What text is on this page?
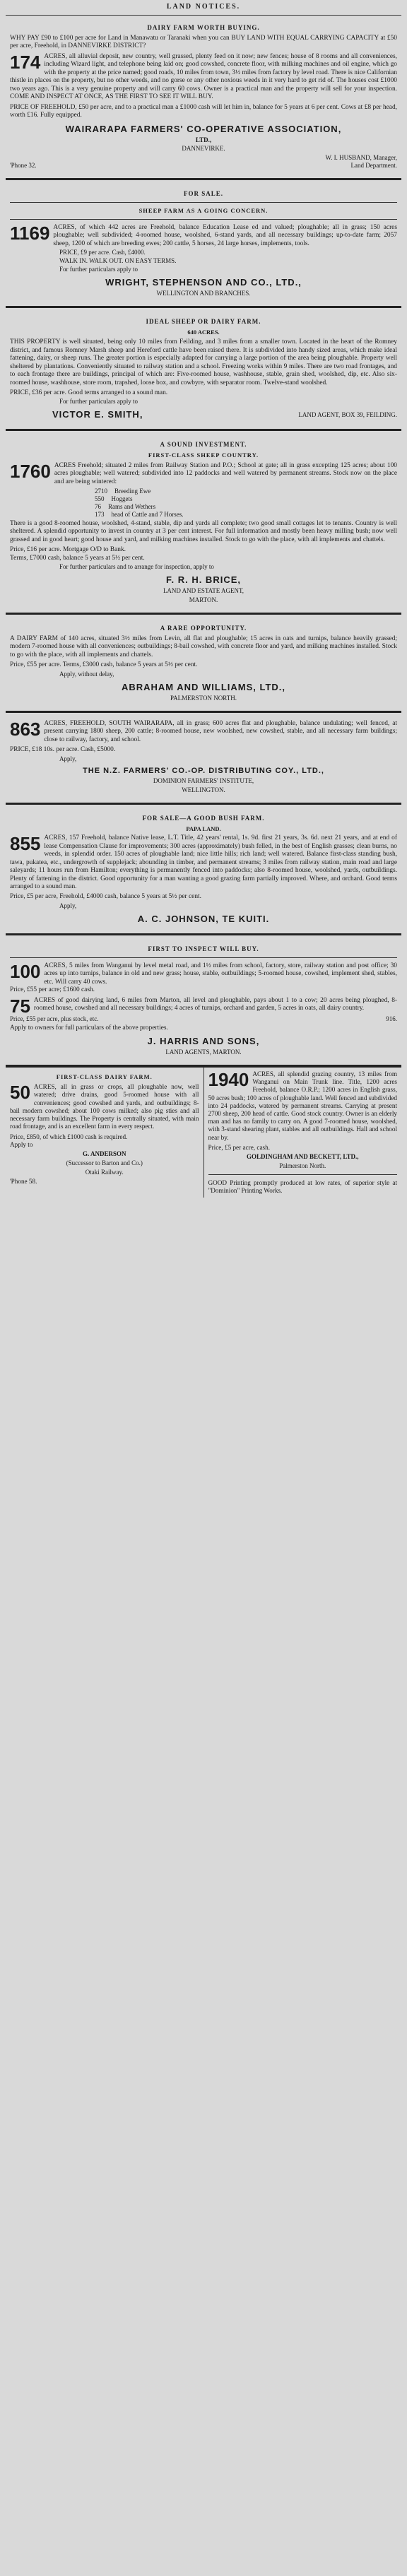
LAND NOTICES.
DAIRY FARM WORTH BUYING.
WHY PAY £90 to £100 per acre for Land in Manawatu or Taranaki when you can BUY LAND WITH EQUAL CARRYING CAPACITY at £50 per acre, Freehold, in DANNEVIRKE DISTRICT?
174 ACRES, all alluvial deposit, new country, well grassed, plenty feed on it now; new fences; house of 8 rooms and all conveniences, including Wizard light, and telephone being laid on; good cowshed, concrete floor, with milking machines and oil engine, which go with the property at the price named; good roads, 10 miles from town, 3½ miles from factory by level road. There is nice Californian thistle in places on the property, but no other weeds, and no gorse or any other noxious weeds in it very hard to get rid of. The houses cost £1000 two years ago. This is a very genuine property and will carry 60 cows. Owner is a practical man and the property will sell for your inspection. COME AND INSPECT AT ONCE, AS THE FIRST TO SEE IT WILL BUY.
PRICE OF FREEHOLD, £50 per acre, and to a practical man a £1000 cash will let him in, balance for 5 years at 6 per cent. Cows at £8 per head, worth £16. Fully equipped.
WAIRARAPA FARMERS' CO-OPERATIVE ASSOCIATION,
LTD.,
DANNEVIRKE.
'Phone 32.
W. I. HUSBAND, Manager,
Land Department.
FOR SALE.
SHEEP FARM AS A GOING CONCERN.
1169 ACRES, of which 442 acres are Freehold, balance Education Lease ed and valued; ploughable; all in grass; 150 acres ploughable; well subdivided; 4-roomed house, woolshed, 6-stand yards, and all necessary buildings; up-to-date farm; 2057 sheep, 1200 of which are breeding ewes; 200 cattle, 5 horses, 24 large horses, implements, tools.
PRICE, £9 per acre. Cash, £4000.
WALK IN. WALK OUT. ON EASY TERMS.
For further particulars apply to
WRIGHT, STEPHENSON AND CO., LTD.,
WELLINGTON AND BRANCHES.
IDEAL SHEEP OR DAIRY FARM.
640 ACRES.
THIS PROPERTY is well situated, being only 10 miles from Feilding, and 3 miles from a smaller town. Located in the heart of the Romney district, and famous Romney Marsh sheep and Hereford cattle have been raised there. It is subdivided into handy sized areas, which make ideal fattening, dairy, or sheep runs. The greater portion is especially adapted for carrying a large portion of the area being ploughable. Property well sheltered by plantations. Conveniently situated to railway station and a school. Freezing works within 9 miles. There are two road frontages, and to each frontage there are buildings, principal of which are: Five-roomed house, washhouse, stable, grain shed, woolshed, dip, etc. Also six-roomed house, washhouse, store room, trapshed, loose box, and cowbyre, with separator room. Twelve-stand woolshed.
PRICE, £36 per acre. Good terms arranged to a sound man.
For further particulars apply to
VICTOR E. SMITH,	LAND AGENT, BOX 39, FEILDING.
A SOUND INVESTMENT.
FIRST-CLASS SHEEP COUNTRY.
1760 ACRES Freehold; situated 2 miles from Railway Station and P.O.; School at gate; all in grass excepting 125 acres; about 100 acres ploughable; well watered; subdivided into 12 paddocks and well watered by permanent streams. Stock now on the place and are being wintered:
2710 Breeding Ewe
550 Hoggets
76 Rams and Wethers
173 head of Cattle and 7 Horses.
There is a good 8-roomed house, woolshed, 4-stand, stable, dip and yards all complete; two good small cottages let to tenants. Country is well sheltered. A splendid opportunity to invest in country at 3 per cent interest. For full information and mostly been heavy milling bush; now well grassed and in good heart; good house and yard, and milking machines installed. Stock to go with the place, with all implements and chattels.
Price, £16 per acre. Mortgage O/D to Bank.
Terms, £7000 cash, balance 5 years at 5½ per cent.
For further particulars and to arrange for inspection, apply to
F. R. H. BRICE,
LAND AND ESTATE AGENT,
MARTON.
A RARE OPPORTUNITY.
A DAIRY FARM of 140 acres, situated 3½ miles from Levin, all flat and ploughable; 15 acres in oats and turnips, balance heavily grassed; modern 7-roomed house with all conveniences; outbuildings; 8-bail cowshed, with concrete floor and yard, and milking machines installed. Stock to go with the place, with all implements and chattels.
Price, £55 per acre. Terms, £3000 cash, balance 5 years at 5½ per cent.
Apply, without delay,
ABRAHAM AND WILLIAMS, LTD.,
PALMERSTON NORTH.
863 ACRES, FREEHOLD, SOUTH WAIRARAPA, all in grass; 600 acres flat and ploughable, balance undulating; well fenced, at present carrying 1800 sheep, 200 cattle; 8-roomed house, new woolshed, new cowshed, stable, and all necessary farm buildings; close to railway, factory, and school.
PRICE, £18 10s. per acre. Cash, £5000.
Apply,
THE N.Z. FARMERS' CO.-OP. DISTRIBUTING COY., LTD.,
DOMINION FARMERS' INSTITUTE,
WELLINGTON.
FOR SALE—A GOOD BUSH FARM.
PAPA LAND.
855 ACRES, 157 Freehold, balance Native lease, L.T. Title, 42 years' rental, 1s. 9d. first 21 years, 3s. 6d. next 21 years, and at end of lease Compensation Clause for improvements; 300 acres (approximately) bush felled, in the best of English grasses; clean burns, no weeds, in splendid order. 150 acres of ploughable land; nice little hills; rich land; well watered. Balance first-class standing bush, tawa, pukatea, etc., undergrowth of supplejack; abounding in timber, and permanent streams; 3 miles from railway station, main road and large saleyards; 11 hours run from Hamilton; everything is permanently fenced into paddocks; also 8-roomed house, woolshed, yards, outbuildings. Plenty of fattening in the district. Good opportunity for a man wanting a good grazing farm partially improved. Where, and orchard. Good terms arranged to a sound man.
Price, £5 per acre, Freehold, £4000 cash, balance 5 years at 5½ per cent.
Apply,
A. C. JOHNSON, TE KUITI.
FIRST TO INSPECT WILL BUY.
100 ACRES, 5 miles from Wanganui by level metal road, and 1½ miles from school, factory, store, railway station and post office; 30 acres up into turnips, balance in old and new grass; house, stable, outbuildings; 5-roomed house, cowshed, implement shed, stables, etc. Will carry 40 cows.
Price, £55 per acre; £1600 cash.
75 ACRES of good dairying land, 6 miles from Marton, all level and ploughable, pays about 1 to a cow; 20 acres being ploughed, 8-roomed house, cowshed and all necessary buildings; 4 acres of turnips, orchard and garden, 5 acres in oats, all dairy country.
Price, £55 per acre, plus stock, etc.	916.
Apply to owners for full particulars of the above properties.
J. HARRIS AND SONS,
LAND AGENTS, MARTON.
FIRST-CLASS DAIRY FARM.
50 ACRES, all in grass or crops, all ploughable now, well watered; drive drains, good 5-roomed house with all conveniences; good cowshed and yards, and outbuildings; 8-bail modern cowshed; about 100 cows milked; also pig sties and all necessary farm buildings. The Property is centrally situated, with main road frontage, and is an excellent farm in every respect.
Price, £850, of which £1000 cash is required.
Apply to
G. ANDERSON
(Successor to Barton and Co.)
Otaki Railway.
'Phone 58.
1940 ACRES, all splendid grazing country, 13 miles from Wanganui on Main Trunk line. Title, 1200 acres Freehold, balance O.R.P.; 1200 acres in English grass, 50 acres bush; 100 acres of ploughable land. Well fenced and subdivided into 24 paddocks, watered by permanent streams. Carrying at present 2700 sheep, 200 head of cattle. Good stock country. Owner is an elderly man and has no family to carry on. A good 7-roomed house, woolshed, with 3-stand shearing plant, stables and all outbuildings. Hall and school near by.
Price, £5 per acre, cash.
GOLDINGHAM AND BECKETT, LTD.,
Palmerston North.
GOOD Printing promptly produced at low rates, of superior style at "Dominion" Printing Works.
